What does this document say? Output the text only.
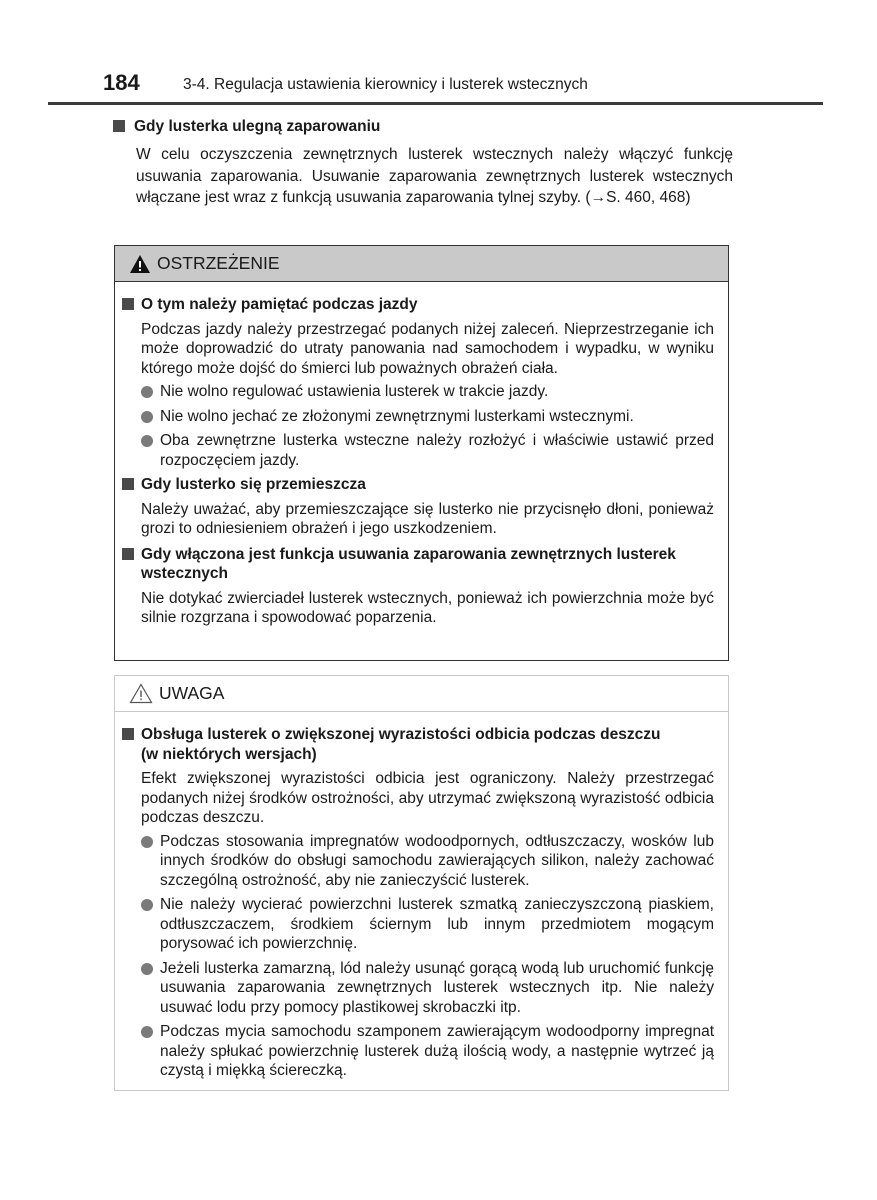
184	3-4. Regulacja ustawienia kierownicy i lusterek wstecznych
Gdy lusterka ulegną zaparowaniu
W celu oczyszczenia zewnętrznych lusterek wstecznych należy włączyć funkcję usuwania zaparowania. Usuwanie zaparowania zewnętrznych lusterek wstecznych włączane jest wraz z funkcją usuwania zaparowania tylnej szyby. (→S. 460, 468)
OSTRZEŻENIE
O tym należy pamiętać podczas jazdy
Podczas jazdy należy przestrzegać podanych niżej zaleceń. Nieprzestrzeganie ich może doprowadzić do utraty panowania nad samochodem i wypadku, w wyniku którego może dojść do śmierci lub poważnych obrażeń ciała.
Nie wolno regulować ustawienia lusterek w trakcie jazdy.
Nie wolno jechać ze złożonymi zewnętrznymi lusterkami wstecznymi.
Oba zewnętrzne lusterka wsteczne należy rozłożyć i właściwie ustawić przed rozpoczęciem jazdy.
Gdy lusterko się przemieszcza
Należy uważać, aby przemieszczające się lusterko nie przycisnęło dłoni, ponieważ grozi to odniesieniem obrażeń i jego uszkodzeniem.
Gdy włączona jest funkcja usuwania zaparowania zewnętrznych lusterek
wstecznych
Nie dotykać zwierciadeł lusterek wstecznych, ponieważ ich powierzchnia może być silnie rozgrzana i spowodować poparzenia.
UWAGA
Obsługa lusterek o zwiększonej wyrazistości odbicia podczas deszczu
(w niektórych wersjach)
Efekt zwiększonej wyrazistości odbicia jest ograniczony. Należy przestrzegać podanych niżej środków ostrożności, aby utrzymać zwiększoną wyrazistość odbicia podczas deszczu.
Podczas stosowania impregnatów wodoodpornych, odtłuszczaczy, wosków lub innych środków do obsługi samochodu zawierających silikon, należy zachować szczególną ostrożność, aby nie zanieczyścić lusterek.
Nie należy wycierać powierzchni lusterek szmatką zanieczyszczoną piaskiem, odtłuszczaczem, środkiem ściernym lub innym przedmiotem mogącym porysować ich powierzchnię.
Jeżeli lusterka zamarzną, lód należy usunąć gorącą wodą lub uruchomić funkcję usuwania zaparowania zewnętrznych lusterek wstecznych itp. Nie należy usuwać lodu przy pomocy plastikowej skrobaczki itp.
Podczas mycia samochodu szamponem zawierającym wodoodporny impregnat należy spłukać powierzchnię lusterek dużą ilością wody, a następnie wytrzeć ją czystą i miękką ściereczką.
